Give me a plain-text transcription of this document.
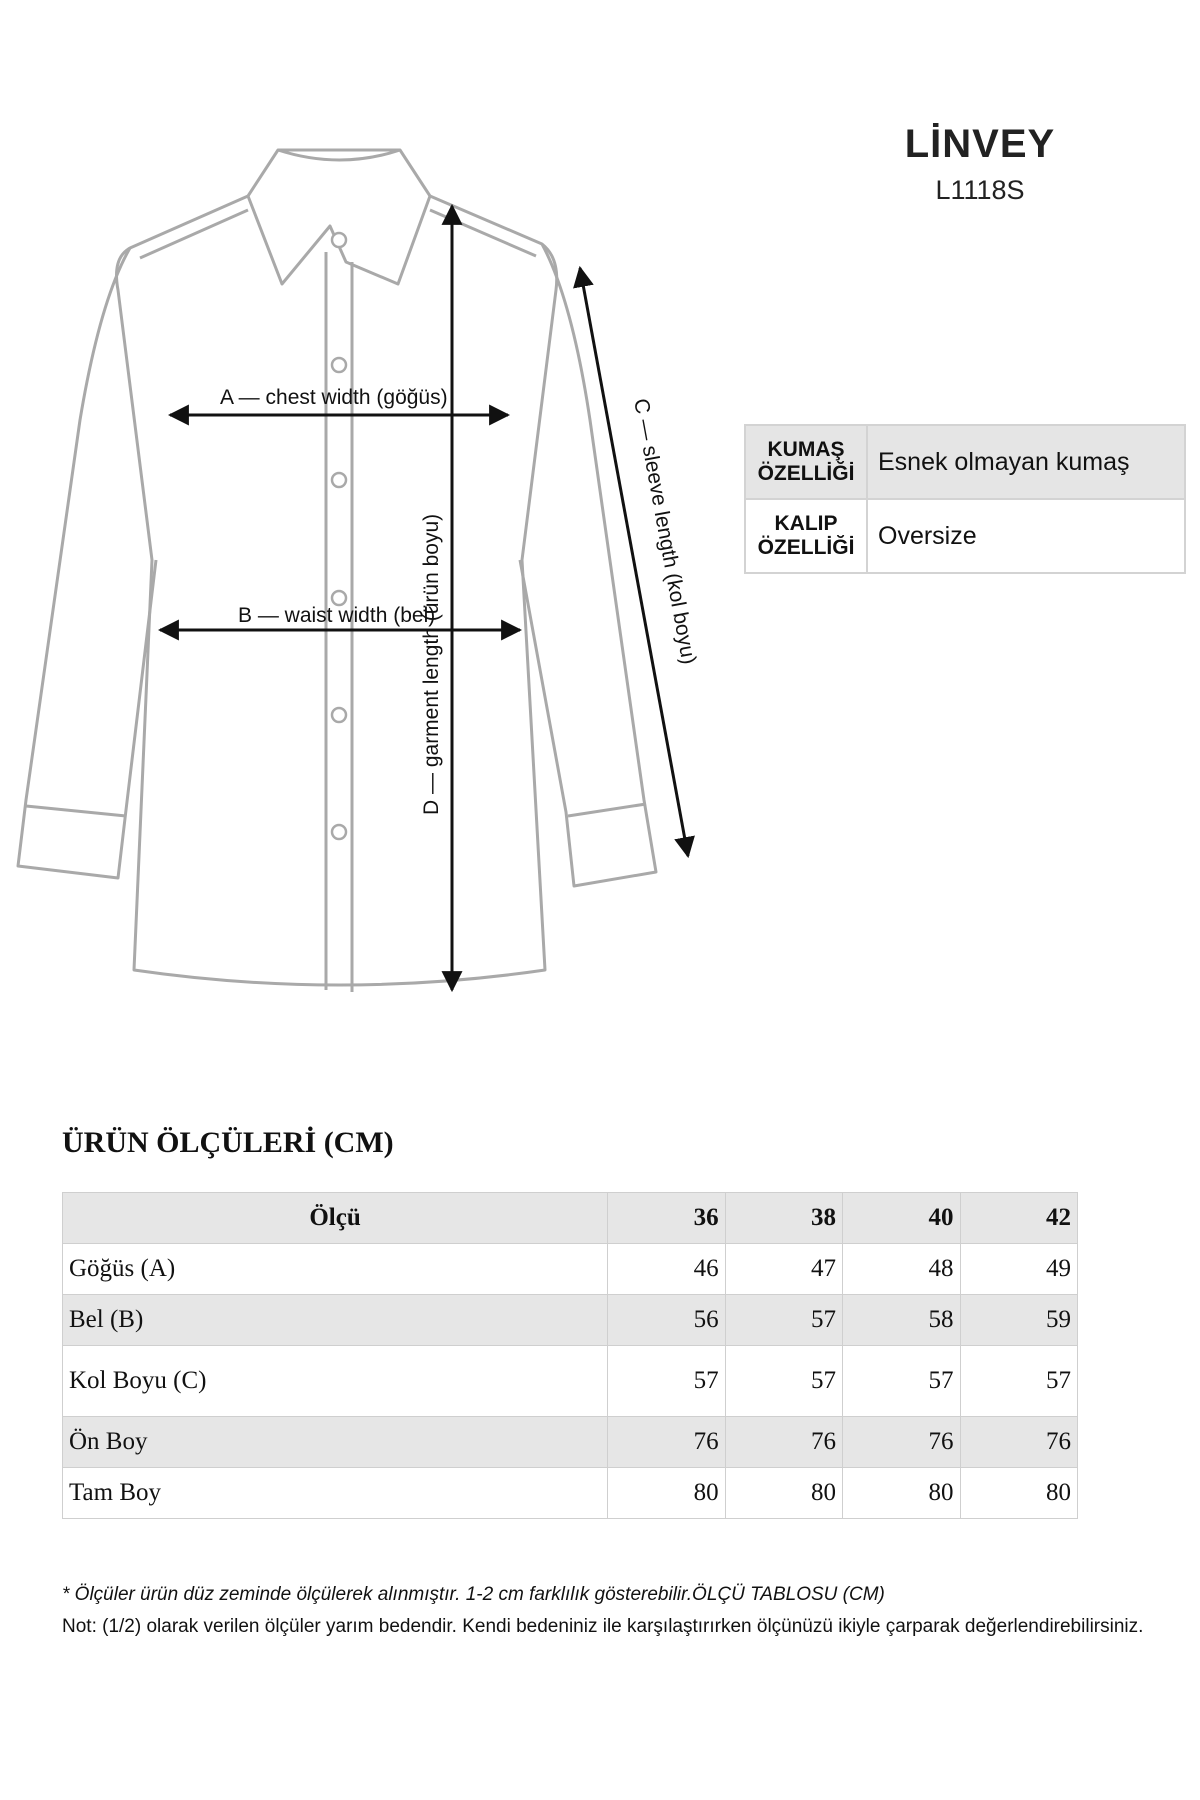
A — chest width (göğüs)
B — waist width (bel)
D — garment length (ürün boyu)	C — sleeve length (kol boyu)
LİNVEY
L1118S
KUMAŞ
ÖZELLİĞİ	Esnek olmayan kumaş
KALIP
ÖZELLİĞİ	Oversize
ÜRÜN ÖLÇÜLERİ (CM)
Ölçü	36	38	40	42
Göğüs (A)	46	47	48	49
Bel (B)	56	57	58	59
Kol Boyu (C)	57	57	57	57
Ön Boy	76	76	76	76
Tam Boy	80	80	80	80
* Ölçüler ürün düz zeminde ölçülerek alınmıştır. 1-2 cm farklılık gösterebilir.ÖLÇÜ TABLOSU (CM)
Not: (1/2) olarak verilen ölçüler yarım bedendir. Kendi bedeniniz ile karşılaştırırken ölçünüzü ikiyle çarparak değerlendirebilirsiniz.
